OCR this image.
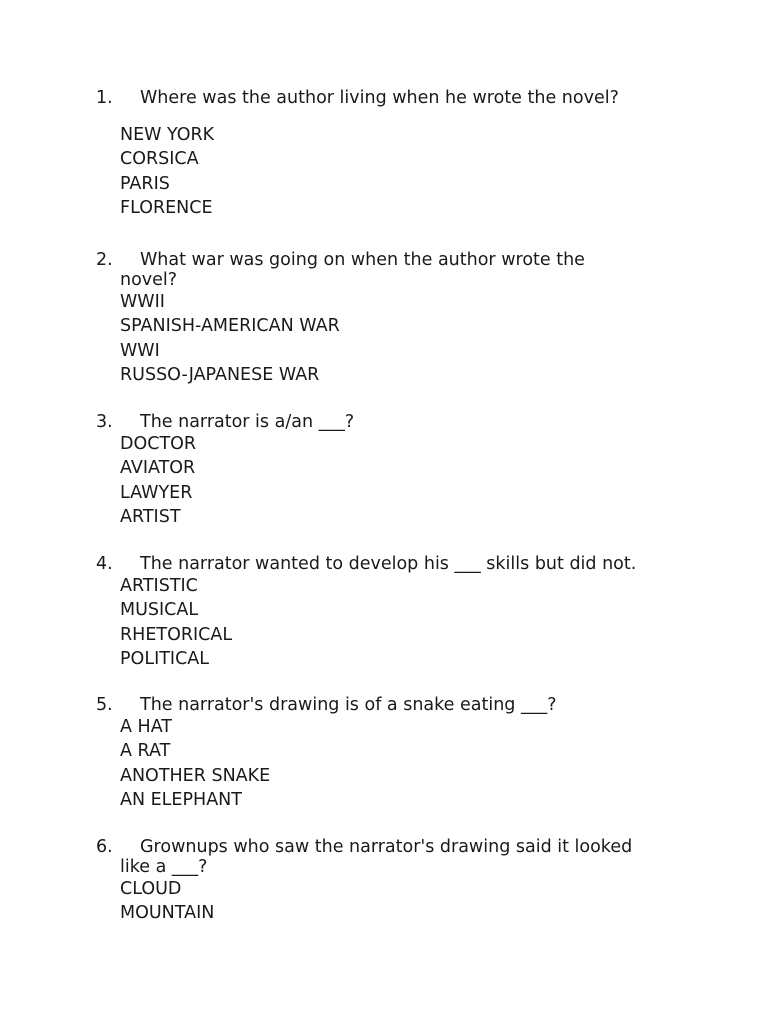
1.	Where was the author living when he wrote the novel?
NEW YORK
CORSICA
PARIS
FLORENCE
2.	What war was going on when the author wrote the
novel?
WWII
SPANISH-AMERICAN WAR
WWI
RUSSO-JAPANESE WAR
3.	The narrator is a/an ___?
DOCTOR
AVIATOR
LAWYER
ARTIST
4.	The narrator wanted to develop his ___ skills but did not.
ARTISTIC
MUSICAL
RHETORICAL
POLITICAL
5.	The narrator's drawing is of a snake eating ___?
A HAT
A RAT
ANOTHER SNAKE
AN ELEPHANT
6.	Grownups who saw the narrator's drawing said it looked
like a ___?
CLOUD
MOUNTAIN
